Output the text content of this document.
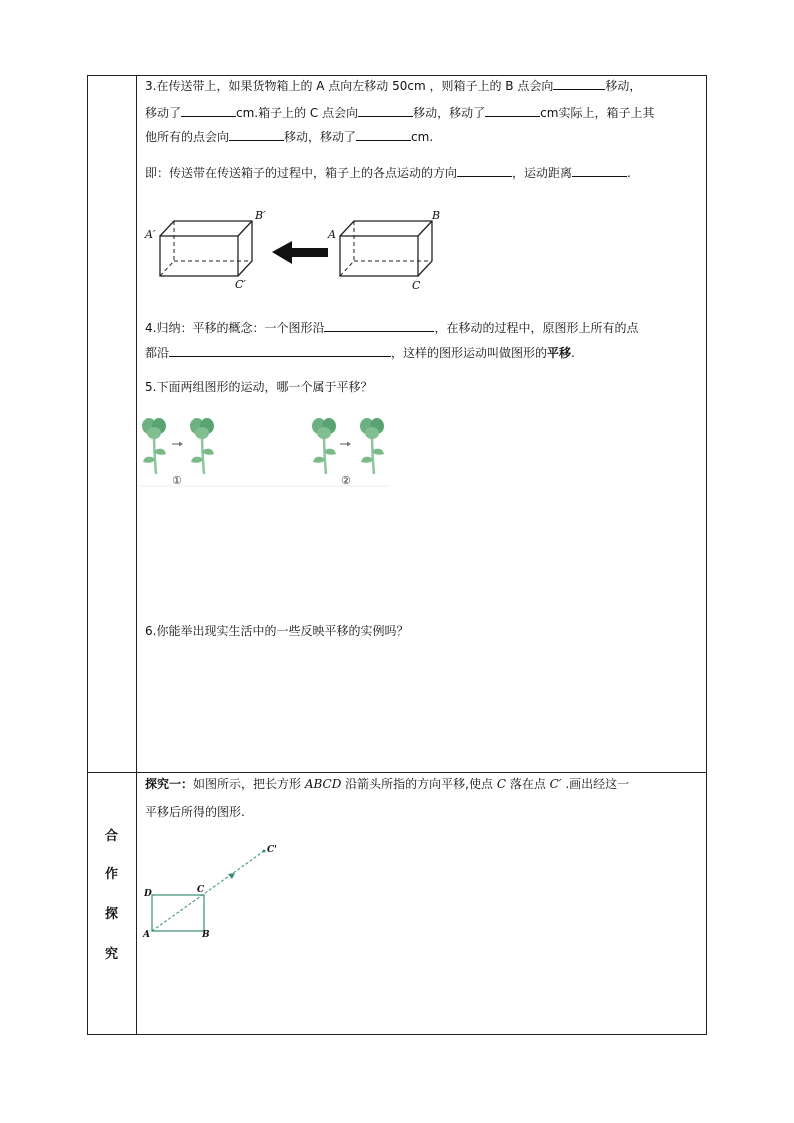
3.在传送带上，如果货物箱上的 A 点向左移动 50cm ，则箱子上的 B 点会向	移动，
移动了	cm.箱子上的 C 点会向	移动，移动了	cm实际上，箱子上其
他所有的点会向	移动，移动了	cm.
即：传送带在传送箱子的过程中，箱子上的各点运动的方向	，运动距离	.
A′
B′
C′
A
B
C
4.归纳：平移的概念：一个图形沿	，在移动的过程中，原图形上所有的点
都沿	，这样的图形运动叫做图形的平移.
5.下面两组图形的运动，哪一个属于平移？
①	②
6.你能举出现实生活中的一些反映平移的实例吗？
合
作
探
究
探究一：如图所示，把长方形 ABCD 沿箭头所指的方向平移,使点 C 落在点 C′ .画出经这一
平移后所得的图形.
A	B
C
D
C'
